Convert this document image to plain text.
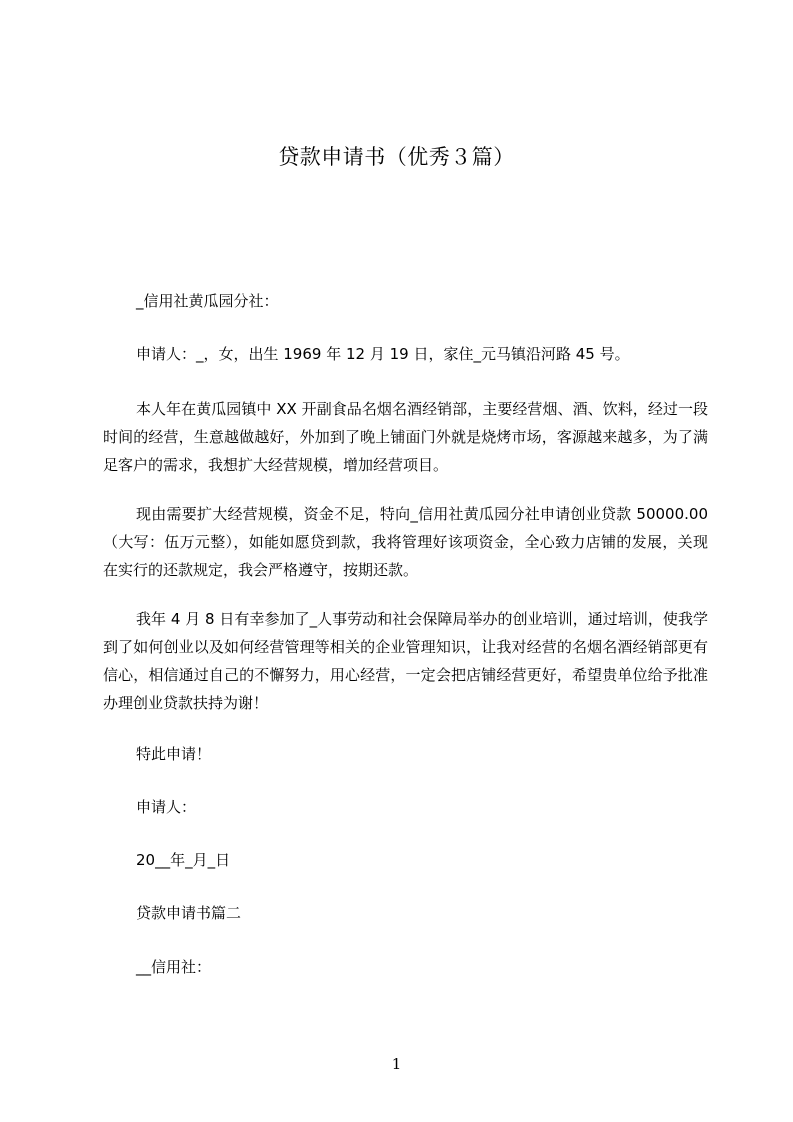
贷款申请书（优秀３篇）
_信用社黄瓜园分社：
申请人：_，女，出生 1969 年 12 月 19 日，家住_元马镇沿河路 45 号。
本人年在黄瓜园镇中 XX 开副食品名烟名酒经销部，主要经营烟、酒、饮料，经过一段时间的经营，生意越做越好，外加到了晚上铺面门外就是烧烤市场，客源越来越多，为了满足客户的需求，我想扩大经营规模，增加经营项目。
现由需要扩大经营规模，资金不足，特向_信用社黄瓜园分社申请创业贷款 50000.00（大写：伍万元整），如能如愿贷到款，我将管理好该项资金，全心致力店铺的发展，关现在实行的还款规定，我会严格遵守，按期还款。
我年 4 月 8 日有幸参加了_人事劳动和社会保障局举办的创业培训，通过培训，使我学到了如何创业以及如何经营管理等相关的企业管理知识，让我对经营的名烟名酒经销部更有信心，相信通过自己的不懈努力，用心经营，一定会把店铺经营更好，希望贵单位给予批准办理创业贷款扶持为谢！
特此申请！
申请人：
20__年_月_日
贷款申请书篇二
__信用社：
1
